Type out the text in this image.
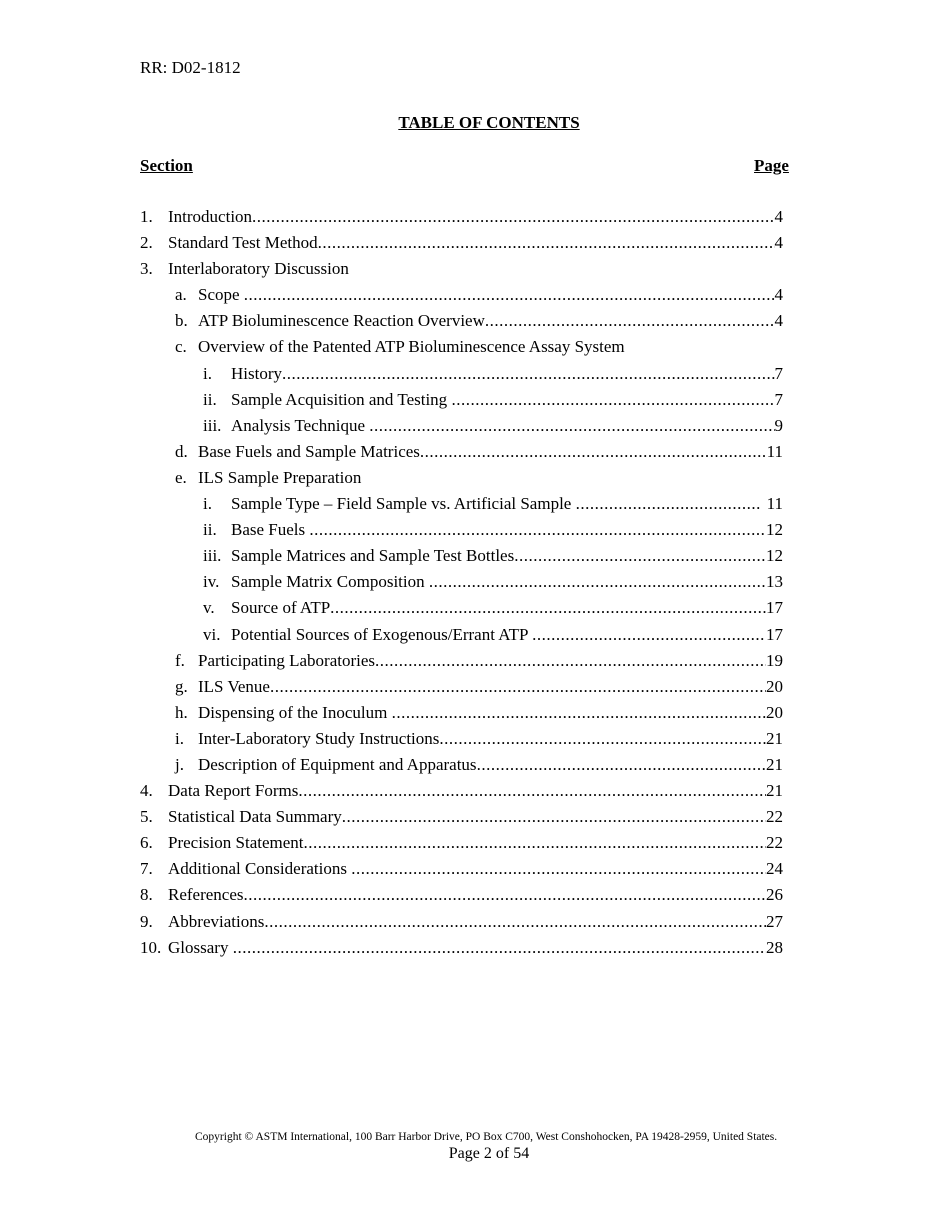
RR: D02-1812
TABLE OF CONTENTS
Section	Page
1. Introduction .....	4
2. Standard Test Method .....	4
3. Interlaboratory Discussion
a. Scope .....	4
b. ATP Bioluminescence Reaction Overview .....	4
c. Overview of the Patented ATP Bioluminescence Assay System
i.	History .....	7
ii. Sample Acquisition and Testing .....	7
iii. Analysis Technique .....	9
d. Base Fuels and Sample Matrices .....	11
e. ILS Sample Preparation
i.	Sample Type – Field Sample vs. Artificial Sample .....	11
ii. Base Fuels .....	12
iii. Sample Matrices and Sample Test Bottles .....	12
iv. Sample Matrix Composition .....	13
v. Source of ATP .....	17
vi. Potential Sources of Exogenous/Errant ATP .....	17
f. Participating Laboratories .....	19
g. ILS Venue .....	20
h. Dispensing of the Inoculum .....	20
i. Inter-Laboratory Study Instructions .....	21
j. Description of Equipment and Apparatus .....	21
4. Data Report Forms .....	21
5. Statistical Data Summary .....	22
6. Precision Statement .....	22
7. Additional Considerations .....	24
8. References .....	26
9. Abbreviations .....	27
10. Glossary .....	28
Copyright © ASTM International, 100 Barr Harbor Drive, PO Box C700, West Conshohocken, PA 19428-2959, United States.
Page 2 of 54
